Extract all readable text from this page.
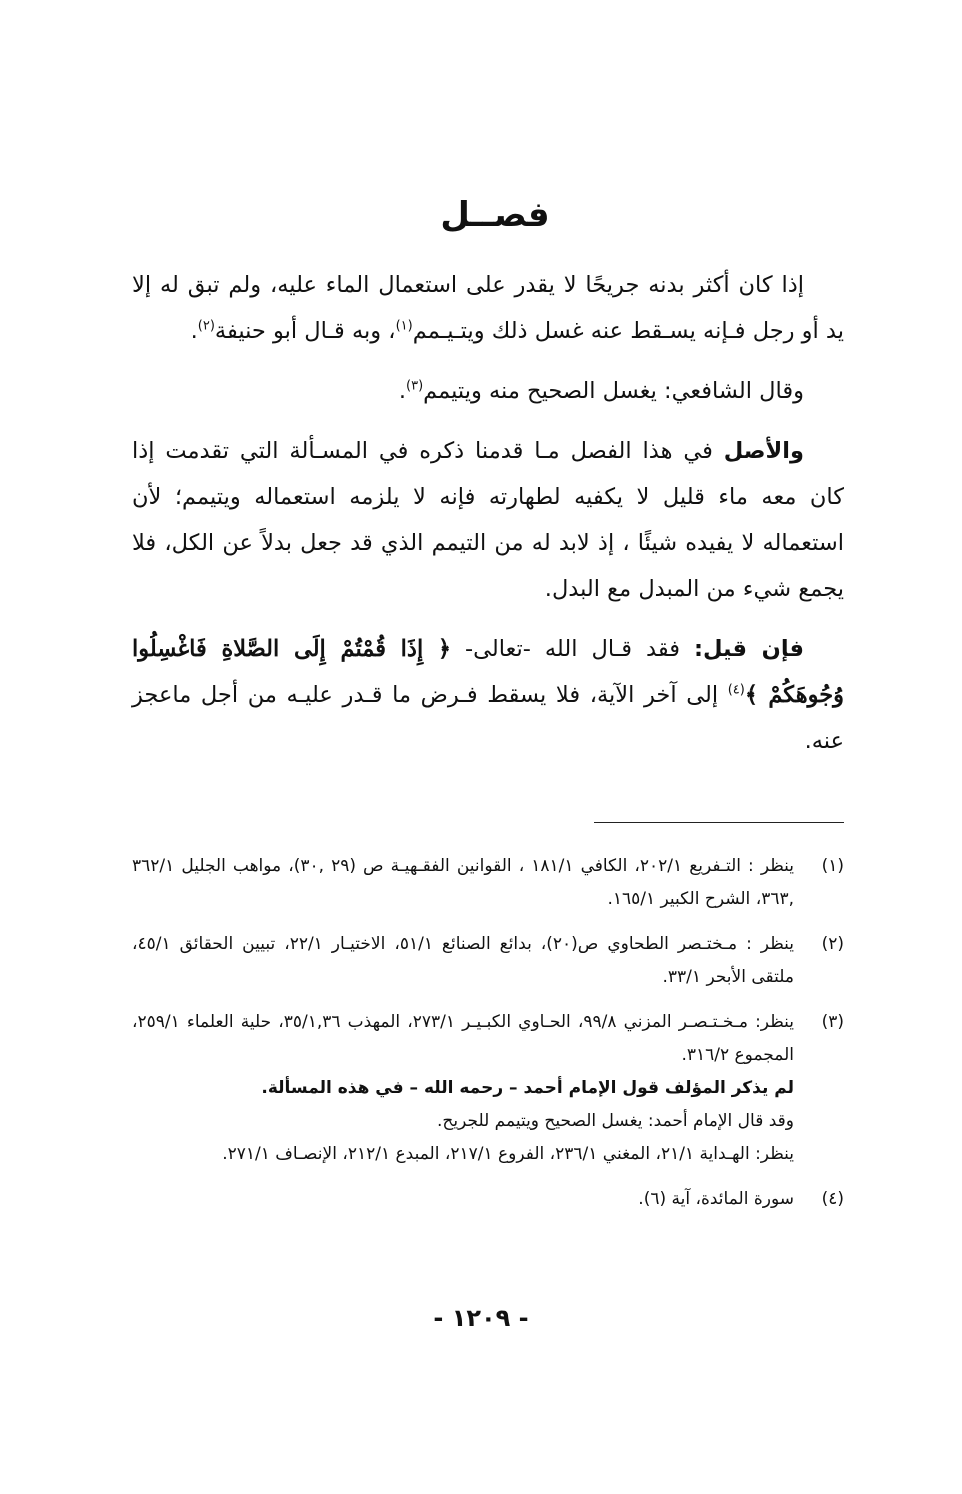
فصــل

إذا كان أكثر بدنه جريحًا لا يقدر على استعمال الماء عليه، ولم تبق له إلا يد أو رجل فـإنه يسـقط عنه غسل ذلك ويتـيـمم$^{(١)}$، وبه قـال أبو حنيفة$^{(٢)}$.

وقال الشافعي: يغسل الصحيح منه ويتيمم$^{(٣)}$.

والأصل في هذا الفصل مـا قدمنا ذكره في المسـألة التي تقدمت إذا كان معه ماء قليل لا يكفيه لطهارته فإنه لا يلزمه استعماله ويتيمم؛ لأن استعماله لا يفيده شيئًا ، إذ لابد له من التيمم الذي قد جعل بدلاً عن الكل، فلا يجمع شيء من المبدل مع البدل.

فإن قيل: فقد قـال الله -تعالى- ﴿ إِذَا قُمْتُمْ إِلَى الصَّلاةِ فَاغْسِلُوا وُجُوهَكُمْ ﴾$^{(٤)}$ إلى آخر الآية، فلا يسقط فـرض ما قـدر عليـه من أجل ماعجز عنه.

(١)
ينظر : التـفريع ٢٠٢/١، الكافي ١٨١/١ ، القوانين الفقـهيـة ص (٢٩ ,٣٠)، مواهب الجليل ٣٦٢/١ ,٣٦٣، الشرح الكبير ١٦٥/١.
(٢)
ينظر : مـختـصر الطحاوي ص(٢٠)، بدائع الصنائع ٥١/١، الاختيـار ٢٢/١، تبيين الحقائق ٤٥/١، ملتقى الأبحر ٣٣/١.
(٣)
ينظر: مـخـتـصـر المزني ٩٩/٨، الحـاوي الكبـيـر ٢٧٣/١، المهذب ٣٥/١,٣٦، حلية العلماء ٢٥٩/١، المجموع ٣١٦/٢.
لم يذكر المؤلف قول الإمام أحمد – رحمه الله – في هذه المسألة.
وقد قال الإمام أحمد: يغسل الصحيح ويتيمم للجريح.
ينظر: الهـداية ٢١/١، المغني ٢٣٦/١، الفروع ٢١٧/١، المبدع ٢١٢/١، الإنصـاف ٢٧١/١.
(٤)
سورة المائدة، آية (٦).
- ١٢٠٩ -
